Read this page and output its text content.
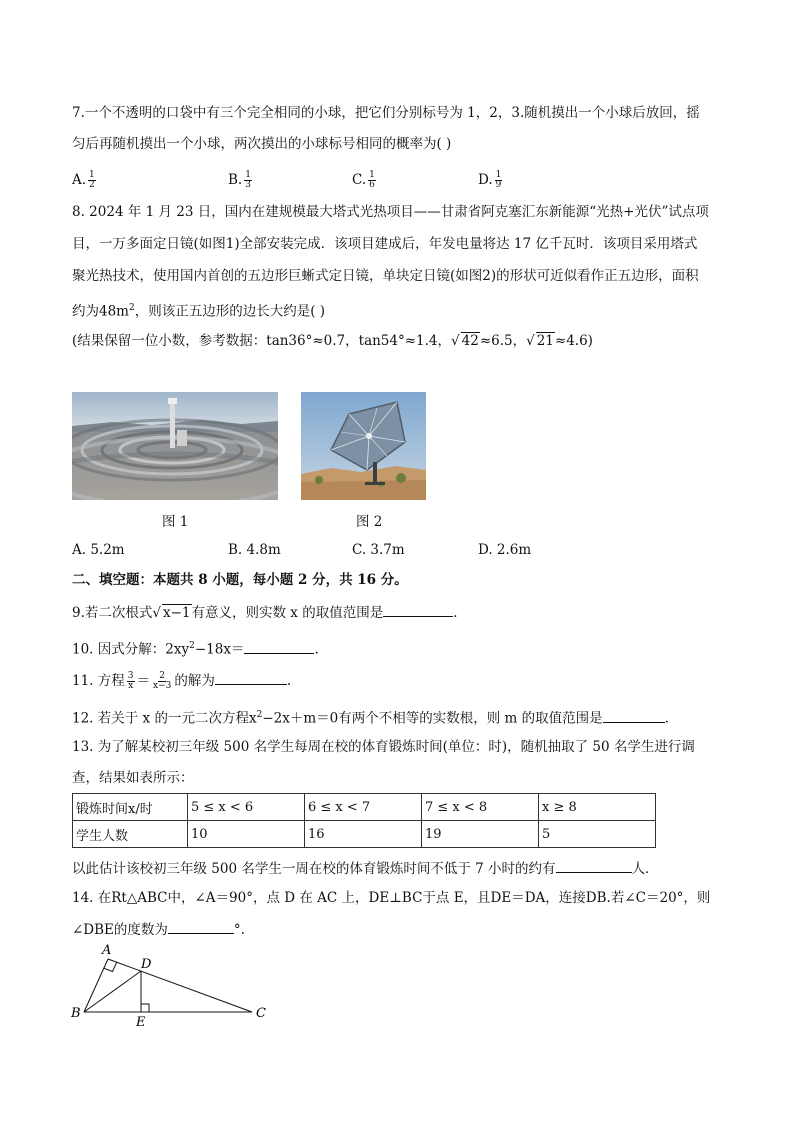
7.一个不透明的口袋中有三个完全相同的小球，把它们分别标号为 1，2，3.随机摸出一个小球后放回，摇
匀后再随机摸出一个小球，两次摸出的小球标号相同的概率为( )
A. $\frac{1}{2}$	B. $\frac{1}{3}$	C. $\frac{1}{6}$	D. $\frac{1}{9}$
8. 2024 年 1 月 23 日，国内在建规模最大塔式光热项目——甘肃省阿克塞汇东新能源“光热+光伏”试点项
目，一万多面定日镜(如图1)全部安装完成．该项目建成后，年发电量将达 17 亿千瓦时．该项目采用塔式
聚光热技术，使用国内首创的五边形巨蜥式定日镜，单块定日镜(如图2)的形状可近似看作正五边形，面积
约为$48m^2$，则该正五边形的边长大约是( )
(结果保留一位小数，参考数据：tan36°≈0.7，tan54°≈1.4，√ 42≈6.5，√ 21≈4.6)
图 1	图 2
A. 5.2m	B. 4.8m	C. 3.7m	D. 2.6m
二、填空题：本题共 8 小题，每小题 2 分，共 16 分。
9.若二次根式√ x−1有意义，则实数 x 的取值范围是	.
10. 因式分解：$2xy^2-18x=$	.
11. 方程 $\frac{3}{x} = \frac{2}{x-3}$ 的解为	.
12. 若关于 x 的一元二次方程$x^2-2x+m=0$有两个不相等的实数根，则 m 的取值范围是	.
13. 为了解某校初三年级 500 名学生每周在校的体育锻炼时间(单位：时)，随机抽取了 50 名学生进行调
查，结果如表所示：
锻炼时间x/时	5 ≤ x < 6	6 ≤ x < 7	7 ≤ x < 8	x ≥ 8
学生人数	10	16	19	5
以此估计该校初三年级 500 名学生一周在校的体育锻炼时间不低于 7 小时的约有	人．
14. 在Rt△ABC中，∠A＝90°，点 D 在 AC 上，DE⊥BC于点 E，且DE＝DA，连接DB.若∠C＝20°，则
∠DBE的度数为	°.
A
B	C
D
E
